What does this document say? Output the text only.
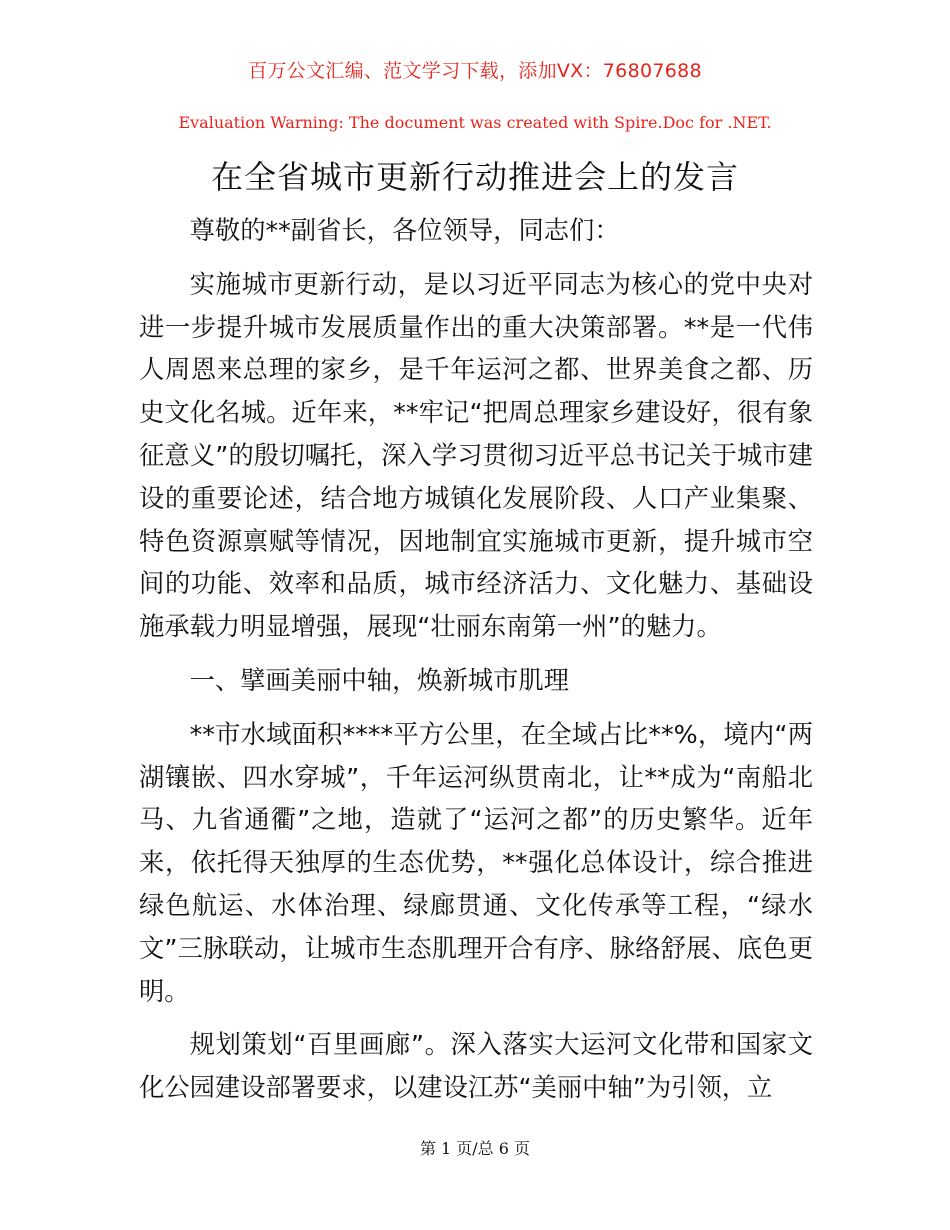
百万公文汇编、范文学习下载，添加VX：76807688
Evaluation Warning: The document was created with Spire.Doc for .NET.
在全省城市更新行动推进会上的发言

尊敬的**副省长，各位领导，同志们：

实施城市更新行动，是以习近平同志为核心的党中央对进一步提升城市发展质量作出的重大决策部署。**是一代伟人周恩来总理的家乡，是千年运河之都、世界美食之都、历史文化名城。近年来，**牢记“把周总理家乡建设好，很有象征意义”的殷切嘱托，深入学习贯彻习近平总书记关于城市建设的重要论述，结合地方城镇化发展阶段、人口产业集聚、特色资源禀赋等情况，因地制宜实施城市更新，提升城市空间的功能、效率和品质，城市经济活力、文化魅力、基础设施承载力明显增强，展现“壮丽东南第一州”的魅力。

一、擘画美丽中轴，焕新城市肌理

**市水域面积****平方公里，在全域占比**%，境内“两湖镶嵌、四水穿城”，千年运河纵贯南北，让**成为“南船北马、九省通衢”之地，造就了“运河之都”的历史繁华。近年来，依托得天独厚的生态优势，**强化总体设计，综合推进绿色航运、水体治理、绿廊贯通、文化传承等工程，“绿水文”三脉联动，让城市生态肌理开合有序、脉络舒展、底色更明。

规划策划“百里画廊”。深入落实大运河文化带和国家文化公园建设部署要求，以建设江苏“美丽中轴”为引领，立

第 1 页/总 6 页
